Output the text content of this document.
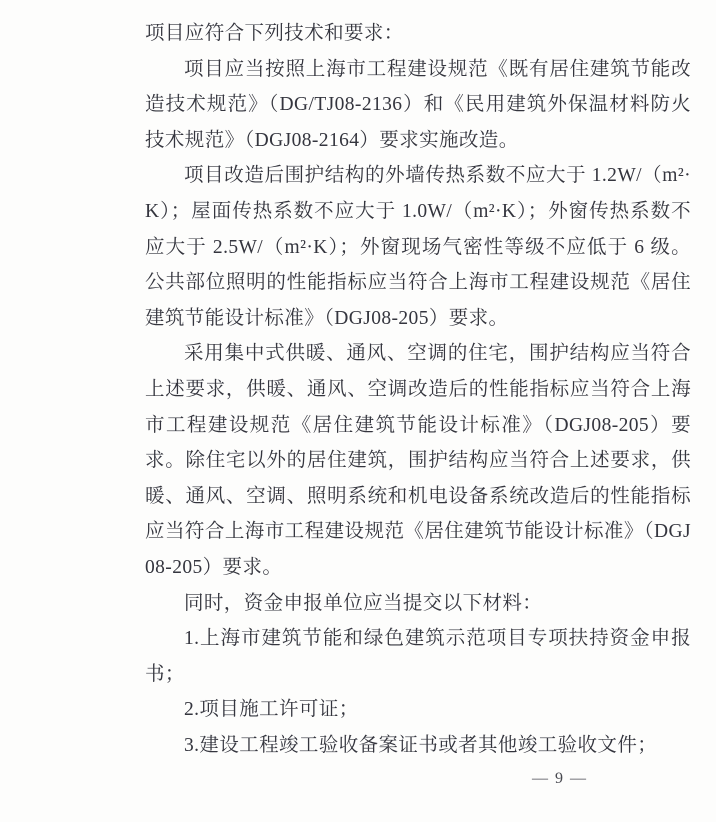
项目应符合下列技术和要求：

项目应当按照上海市工程建设规范《既有居住建筑节能改造技术规范》（DG/TJ08-2136）和《民用建筑外保温材料防火技术规范》（DGJ08-2164）要求实施改造。

项目改造后围护结构的外墙传热系数不应大于 1.2W/（m²·K）；屋面传热系数不应大于 1.0W/（m²·K）；外窗传热系数不应大于 2.5W/（m²·K）；外窗现场气密性等级不应低于 6 级。公共部位照明的性能指标应当符合上海市工程建设规范《居住建筑节能设计标准》（DGJ08-205）要求。

采用集中式供暖、通风、空调的住宅，围护结构应当符合上述要求，供暖、通风、空调改造后的性能指标应当符合上海市工程建设规范《居住建筑节能设计标准》（DGJ08-205）要求。除住宅以外的居住建筑，围护结构应当符合上述要求，供暖、通风、空调、照明系统和机电设备系统改造后的性能指标应当符合上海市工程建设规范《居住建筑节能设计标准》（DGJ08-205）要求。

同时，资金申报单位应当提交以下材料：

1.上海市建筑节能和绿色建筑示范项目专项扶持资金申报书；

2.项目施工许可证；

3.建设工程竣工验收备案证书或者其他竣工验收文件；

— 9 —
